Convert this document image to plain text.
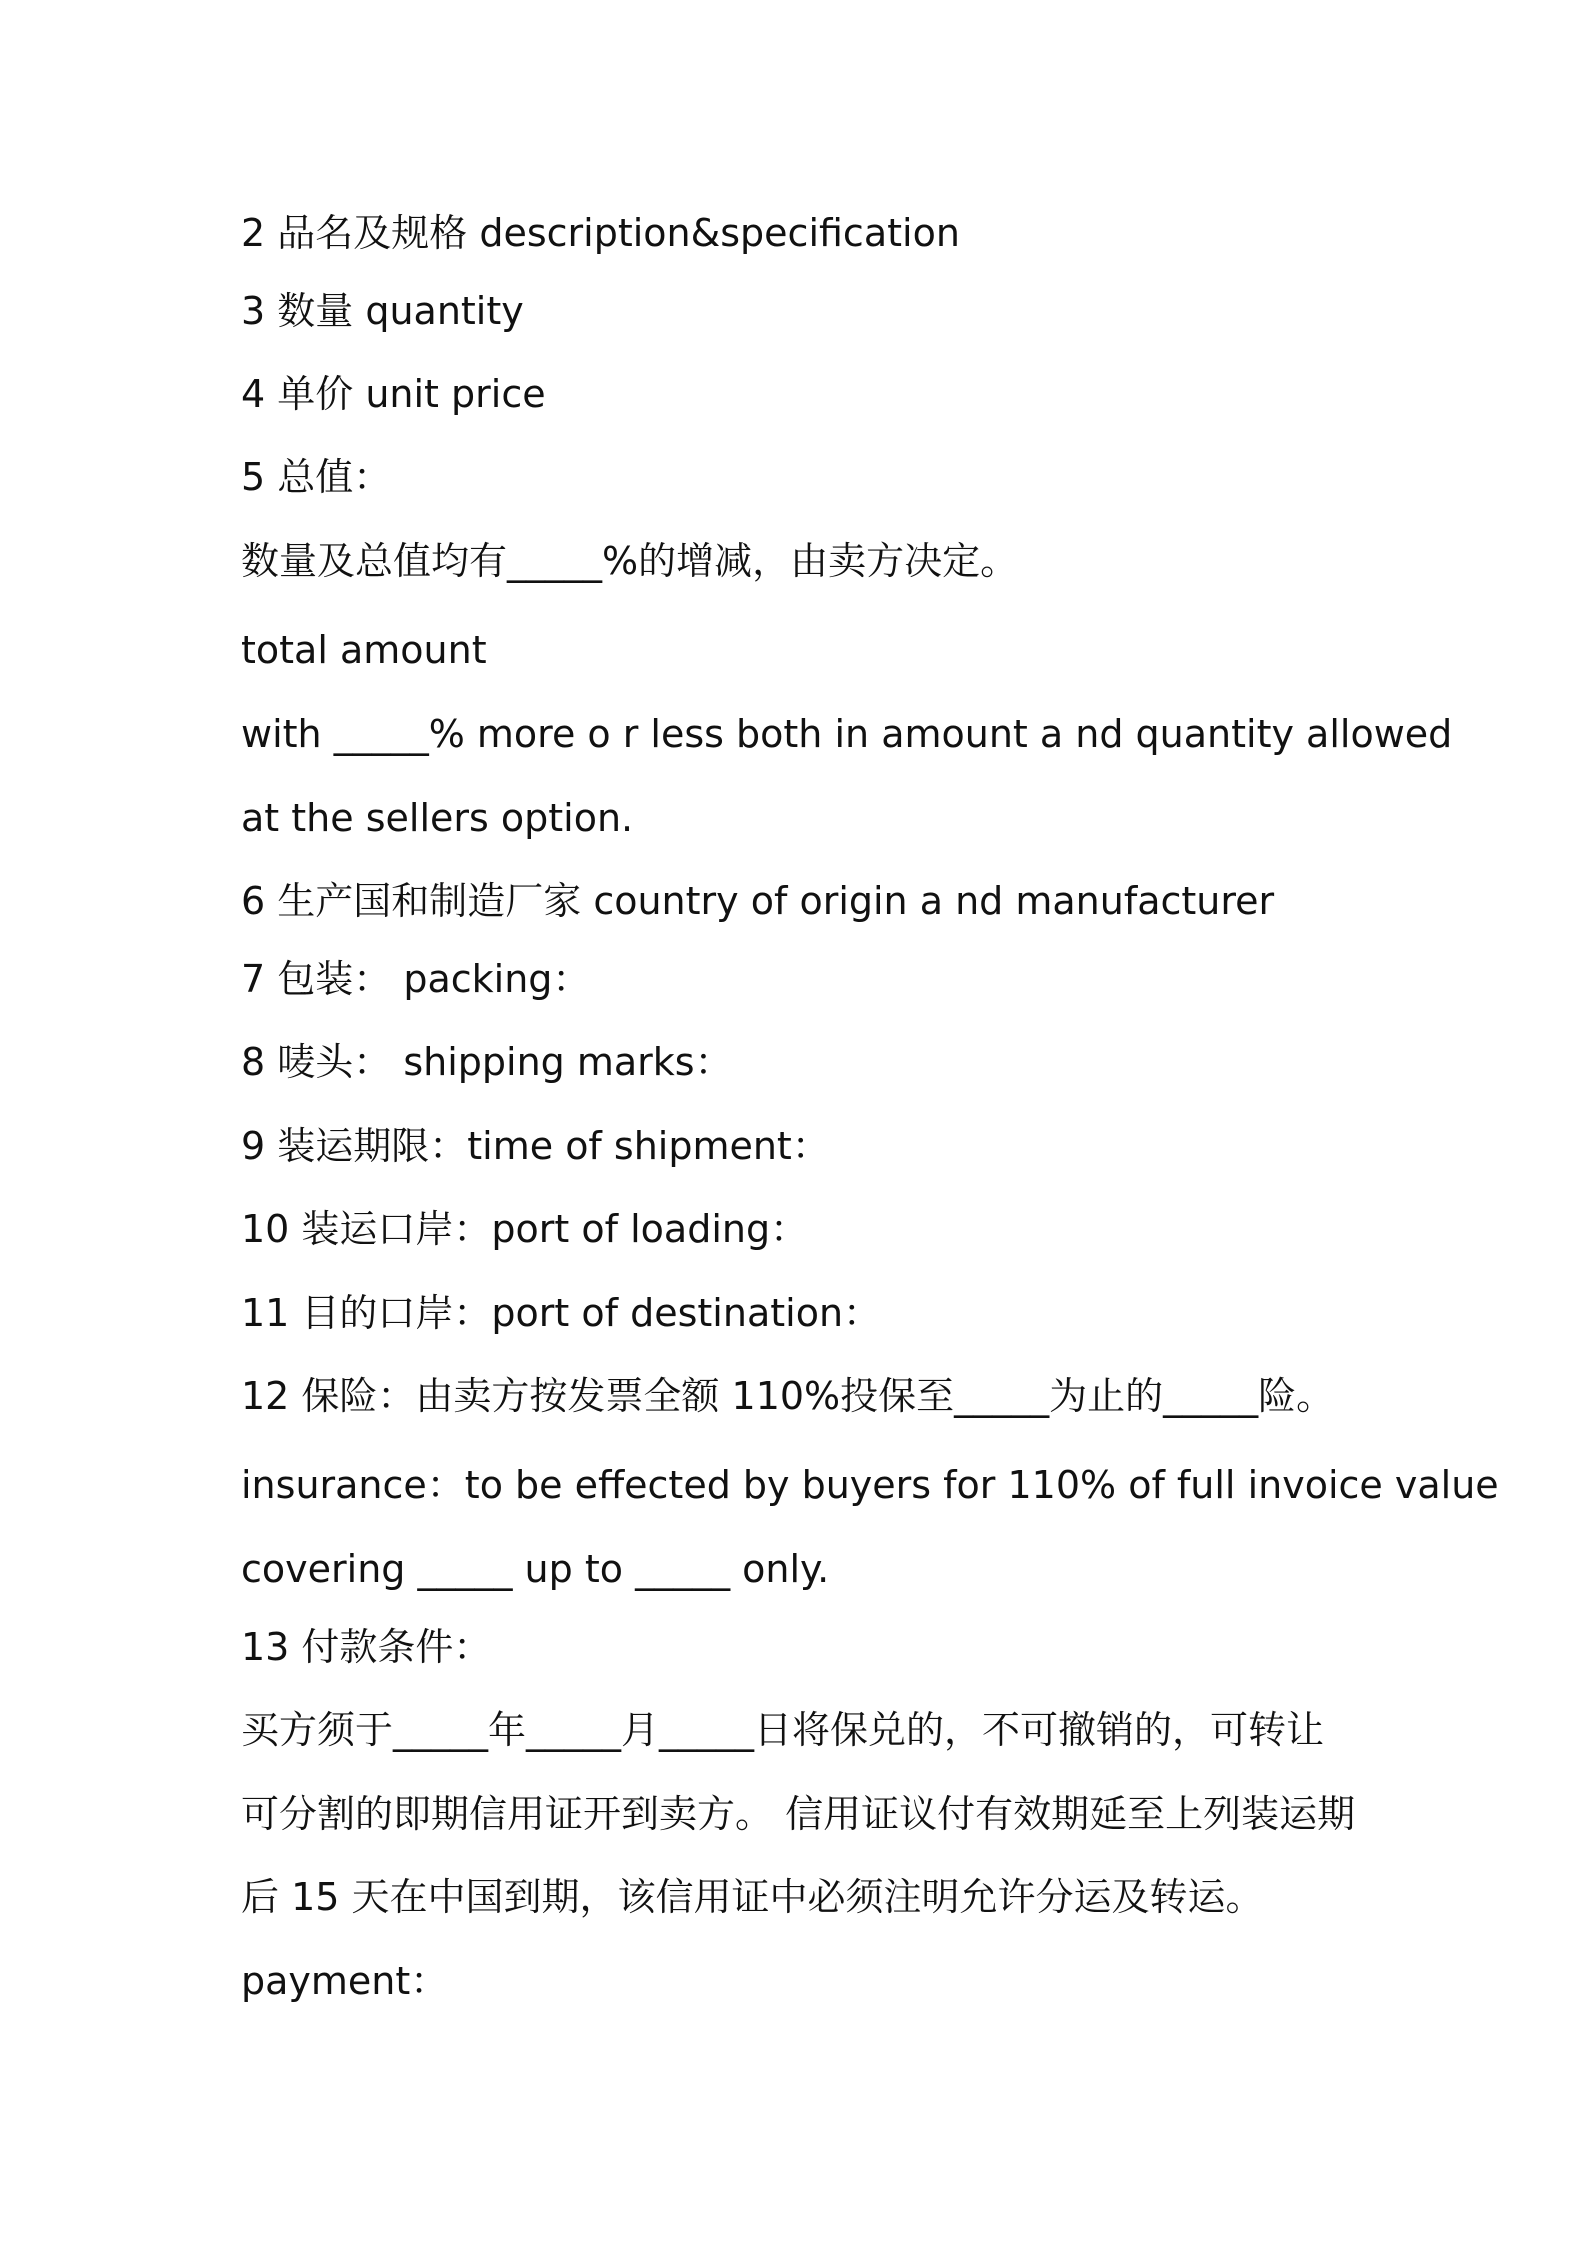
2 品名及规格 description&specification
3 数量 quantity
4 单价 unit price
5 总值：
数量及总值均有_____%的增减，由卖方决定。
total amount
with _____% more o r less both in amount a nd quantity allowed
at the sellers option.
6 生产国和制造厂家 country of origin a nd manufacturer
7 包装： packing：
8 唛头： shipping marks：
9 装运期限：time of shipment：
10 装运口岸：port of loading：
11 目的口岸：port of destination：
12 保险：由卖方按发票全额 110%投保至_____为止的_____险。
insurance：to be effected by buyers for 110% of full invoice value
covering _____ up to _____ only.
13 付款条件：
买方须于_____年_____月_____日将保兑的，不可撤销的，可转让
可分割的即期信用证开到卖方。 信用证议付有效期延至上列装运期
后 15 天在中国到期，该信用证中必须注明允许分运及转运。
payment：
